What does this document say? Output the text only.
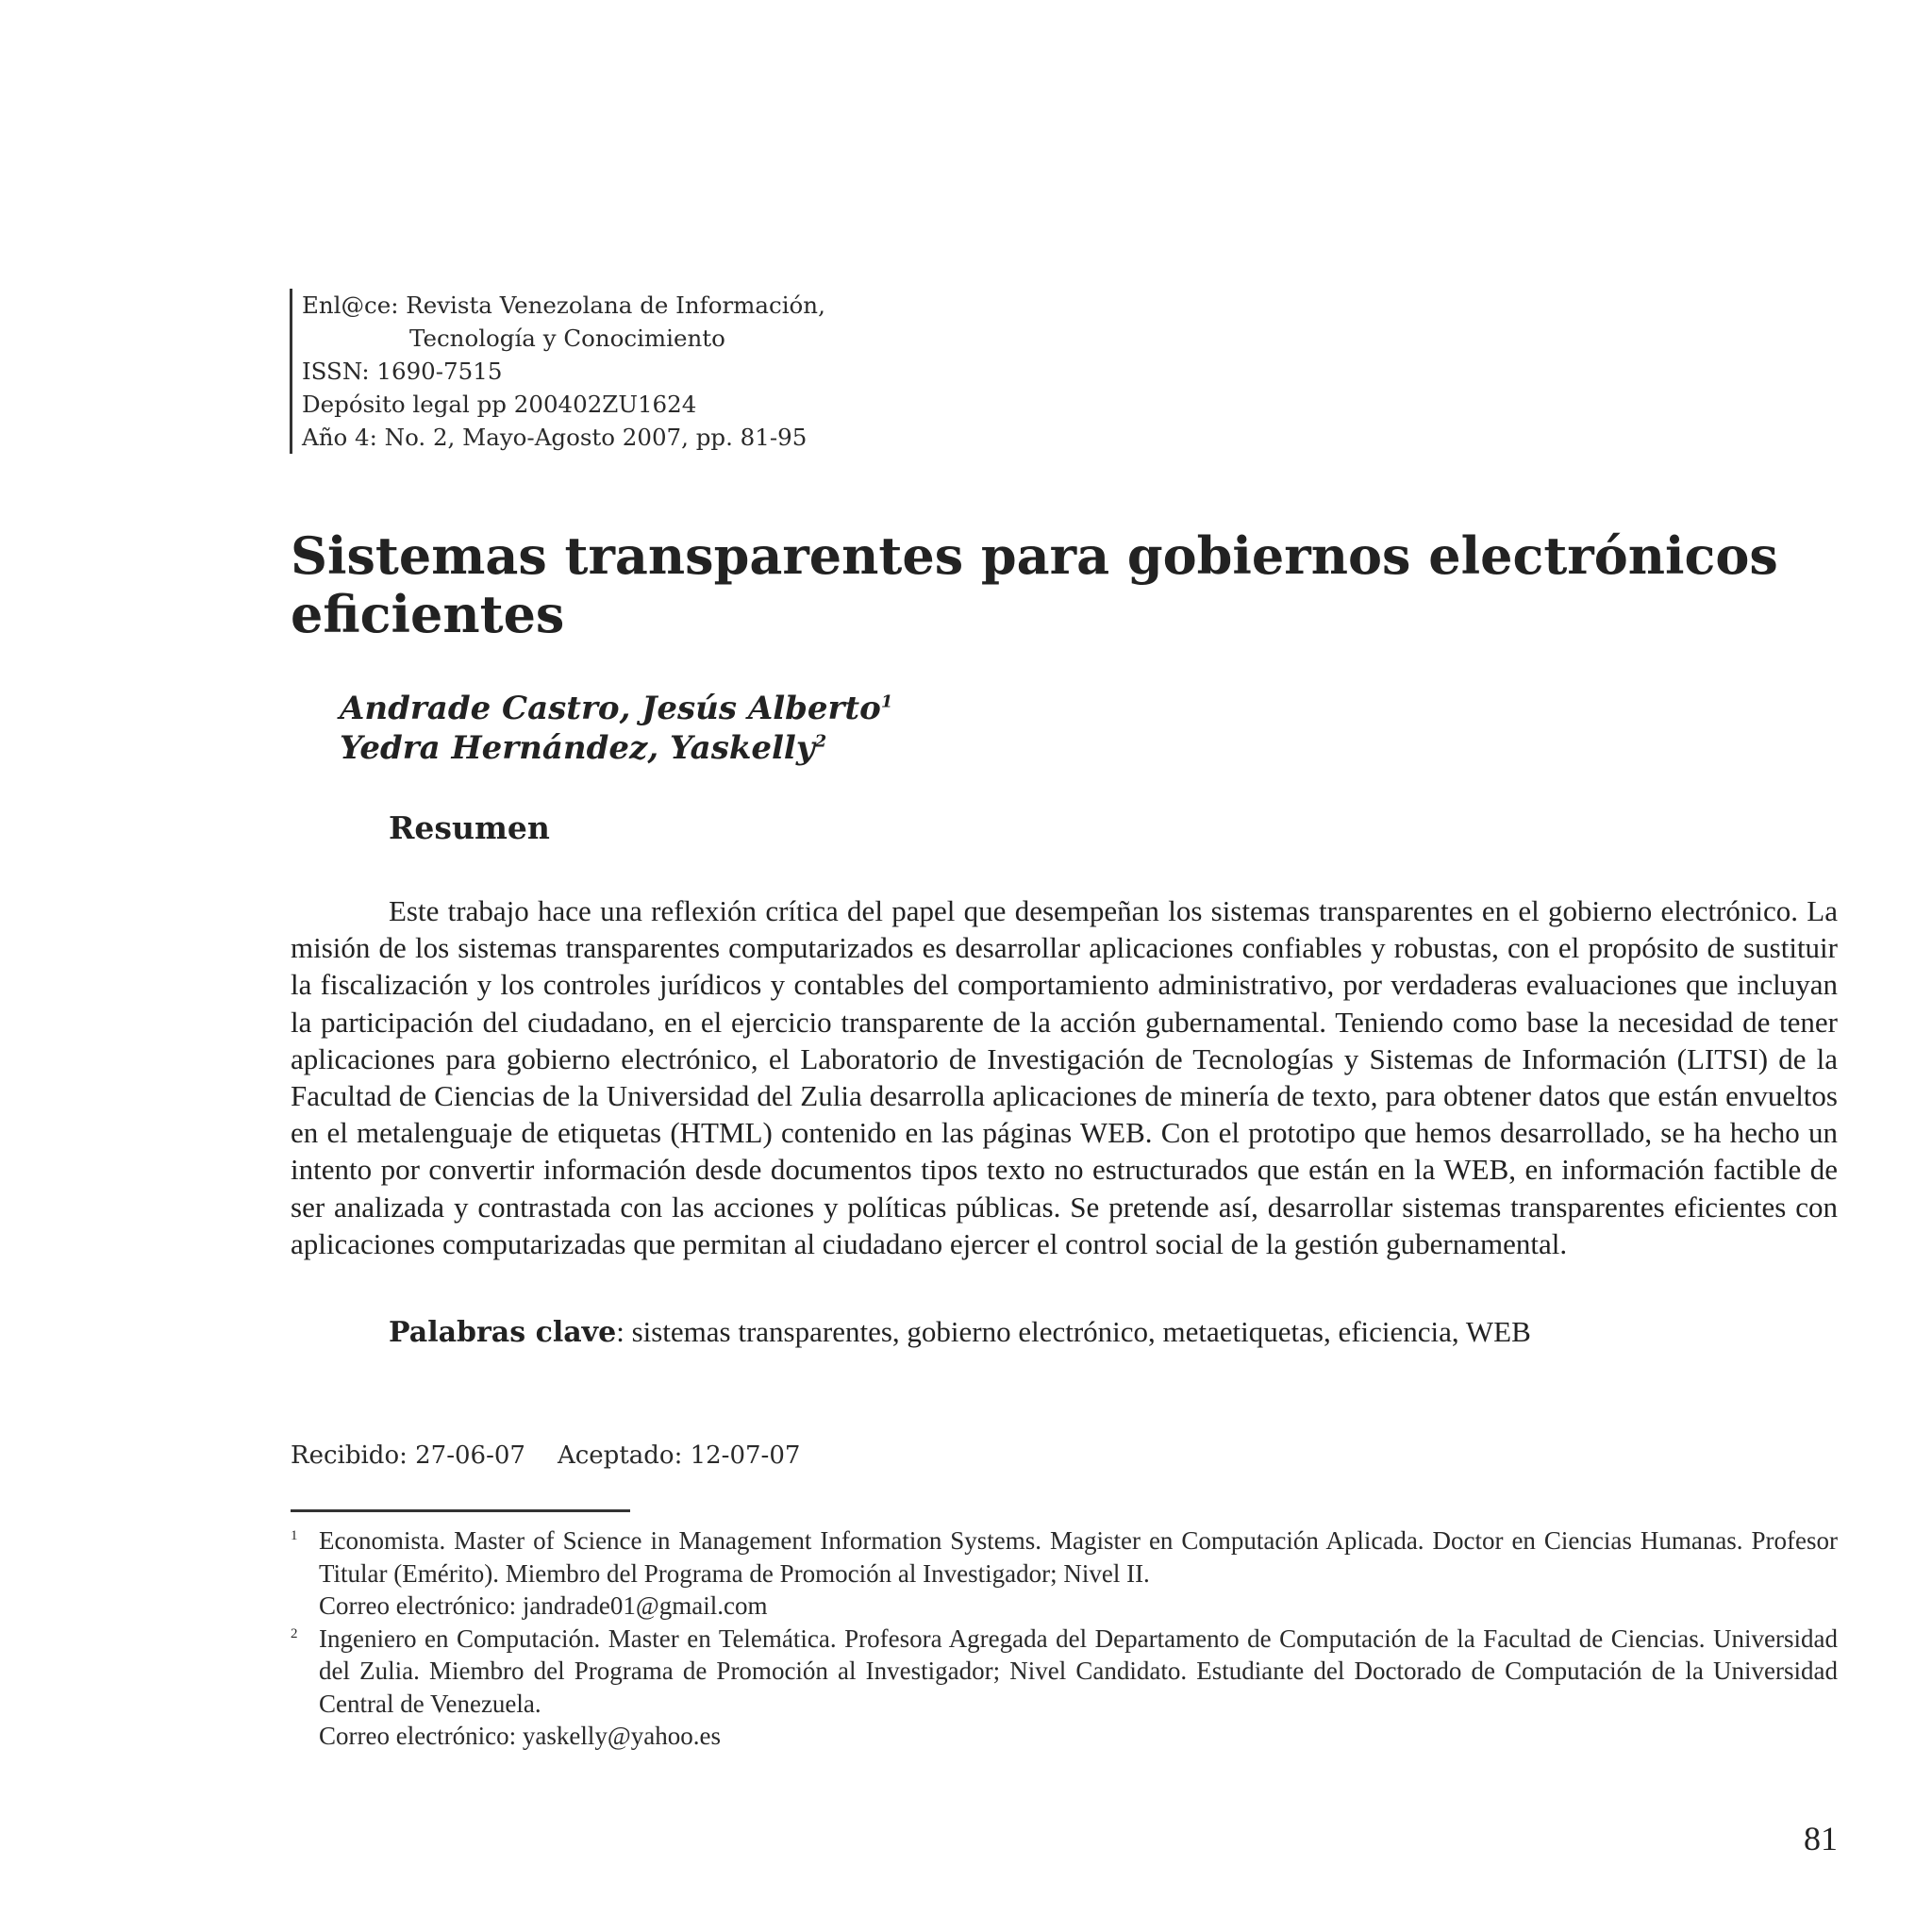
Enl@ce: Revista Venezolana de Información,
Tecnología y Conocimiento
ISSN: 1690-7515
Depósito legal pp 200402ZU1624
Año 4: No. 2, Mayo-Agosto 2007, pp. 81-95
Sistemas transparentes para gobiernos electrónicos eficientes
Andrade Castro, Jesús Alberto$^1$
Yedra Hernández, Yaskelly$^2$
Resumen

Este trabajo hace una reflexión crítica del papel que desempeñan los sistemas transparentes en el gobierno electrónico. La misión de los sistemas transparentes computarizados es desarrollar aplicaciones confiables y robustas, con el propósito de sustituir la fiscalización y los controles jurídicos y contables del comportamiento administrativo, por verdaderas evaluaciones que incluyan la participación del ciudadano, en el ejercicio transparente de la acción gubernamental. Teniendo como base la necesidad de tener aplicaciones para gobierno electrónico, el Laboratorio de Investigación de Tecnologías y Sistemas de Información (LITSI) de la Facultad de Ciencias de la Universidad del Zulia desarrolla aplicaciones de minería de texto, para obtener datos que están envueltos en el metalenguaje de etiquetas (HTML) contenido en las páginas WEB. Con el prototipo que hemos desarrollado, se ha hecho un intento por convertir información desde documentos tipos texto no estructurados que están en la WEB, en información factible de ser analizada y contrastada con las acciones y políticas públicas. Se pretende así, desarrollar sistemas transparentes eficientes con aplicaciones computarizadas que permitan al ciudadano ejercer el control social de la gestión gubernamental.

Palabras clave: sistemas transparentes, gobierno electrónico, metaetiquetas, eficiencia, WEB

Recibido: 27-06-07 Aceptado: 12-07-07
1 Economista. Master of Science in Management Information Systems. Magister en Computación Aplicada. Doctor en Ciencias Humanas. Profesor Titular (Emérito). Miembro del Programa de Promoción al Investigador; Nivel II.
Correo electrónico: jandrade01@gmail.com
2 Ingeniero en Computación. Master en Telemática. Profesora Agregada del Departamento de Computación de la Facultad de Ciencias. Universidad del Zulia. Miembro del Programa de Promoción al Investigador; Nivel Candidato. Estudiante del Doctorado de Computación de la Universidad Central de Venezuela.
Correo electrónico: yaskelly@yahoo.es
81
